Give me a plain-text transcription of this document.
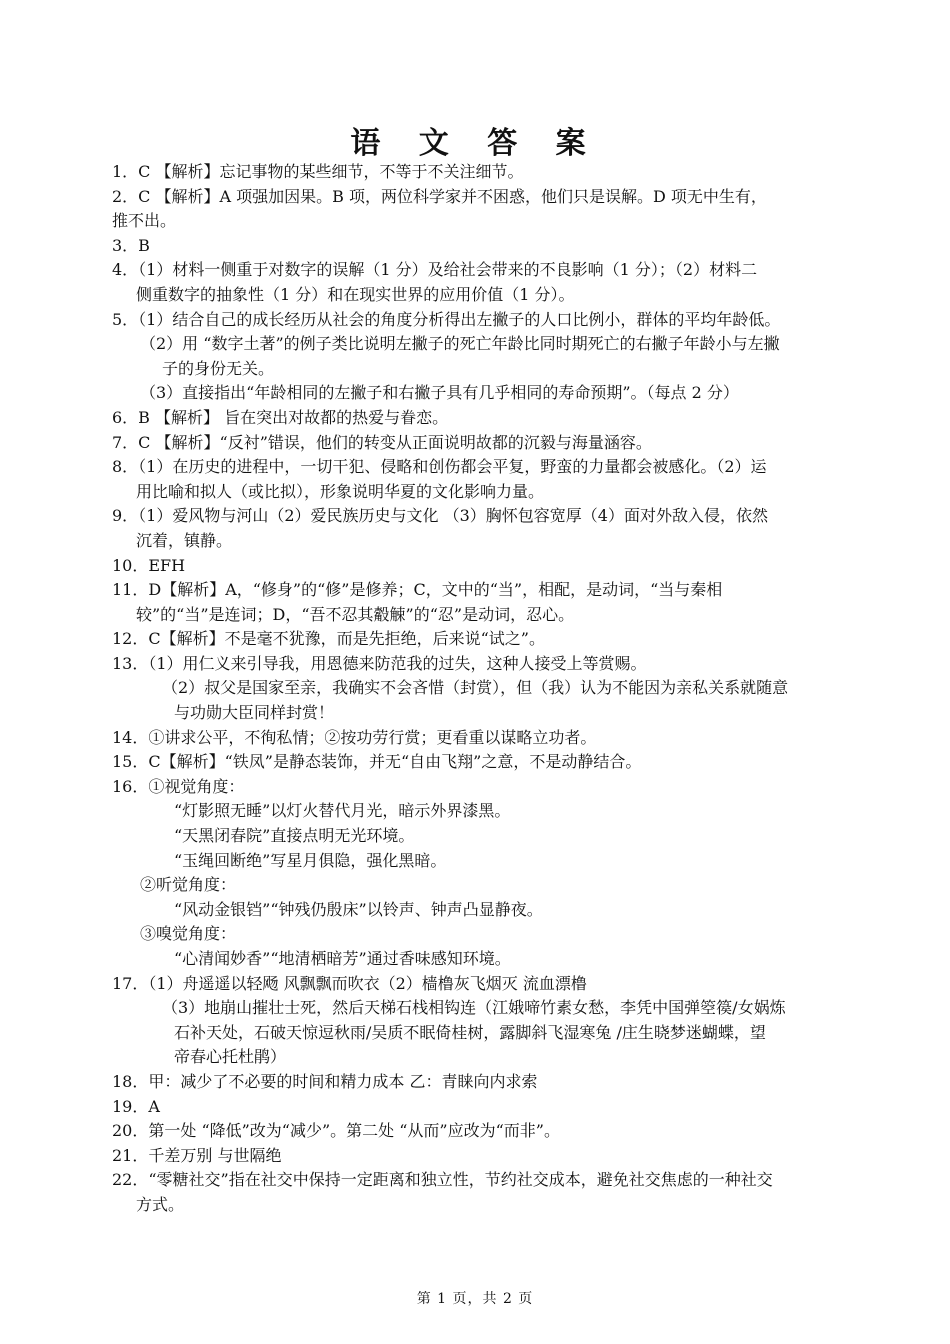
语 文 答 案
1．C 【解析】忘记事物的某些细节，不等于不关注细节。
2．C 【解析】A 项强加因果。B 项，两位科学家并不困惑，他们只是误解。D 项无中生有，
推不出。
3．B
4．（1）材料一侧重于对数字的误解（1 分）及给社会带来的不良影响（1 分）；（2）材料二
侧重数字的抽象性（1 分）和在现实世界的应用价值（1 分）。
5．（1）结合自己的成长经历从社会的角度分析得出左撇子的人口比例小，群体的平均年龄低。
（2）用 “数字土著”的例子类比说明左撇子的死亡年龄比同时期死亡的右撇子年龄小与左撇
子的身份无关。
（3）直接指出“年龄相同的左撇子和右撇子具有几乎相同的寿命预期”。（每点 2 分）
6．B 【解析】 旨在突出对故都的热爱与眷恋。
7．C 【解析】“反衬”错误，他们的转变从正面说明故都的沉毅与海量涵容。
8．（1）在历史的进程中，一切干犯、侵略和创伤都会平复，野蛮的力量都会被感化。（2）运
用比喻和拟人（或比拟），形象说明华夏的文化影响力量。
9．（1）爱风物与河山（2）爱民族历史与文化 （3）胸怀包容宽厚（4）面对外敌入侵，依然
沉着，镇静。
10．EFH
11．D【解析】A，“修身”的“修”是修养；C，文中的“当”，相配，是动词，“当与秦相
较”的“当”是连词；D，“吾不忍其觳觫”的“忍”是动词，忍心。
12．C【解析】不是毫不犹豫，而是先拒绝，后来说“试之”。
13．（1）用仁义来引导我，用恩德来防范我的过失，这种人接受上等赏赐。
（2）叔父是国家至亲，我确实不会吝惜（封赏），但（我）认为不能因为亲私关系就随意
与功勋大臣同样封赏！
14．①讲求公平，不徇私情；②按功劳行赏；更看重以谋略立功者。
15．C【解析】“铁凤”是静态装饰，并无“自由飞翔”之意，不是动静结合。
16．①视觉角度：
“灯影照无睡”以灯火替代月光，暗示外界漆黑。
“天黑闭春院”直接点明无光环境。
“玉绳回断绝”写星月俱隐，强化黑暗。
②听觉角度：
“风动金银铛”“钟残仍殷床”以铃声、钟声凸显静夜。
③嗅觉角度：
“心清闻妙香”“地清栖暗芳”通过香味感知环境。
17．（1）舟遥遥以轻飏 风飘飘而吹衣（2）樯橹灰飞烟灭 流血漂橹
（3）地崩山摧壮士死，然后天梯石栈相钩连（江娥啼竹素女愁，李凭中国弹箜篌/女娲炼
石补天处，石破天惊逗秋雨/吴质不眠倚桂树，露脚斜飞湿寒兔 /庄生晓梦迷蝴蝶，望
帝春心托杜鹃）
18．甲：减少了不必要的时间和精力成本 乙：青睐向内求索
19．A
20．第一处 “降低”改为“减少”。第二处 “从而”应改为“而非”。
21．千差万别 与世隔绝
22．“零糖社交”指在社交中保持一定距离和独立性，节约社交成本，避免社交焦虑的一种社交
方式。
第 1 页，共 2 页
